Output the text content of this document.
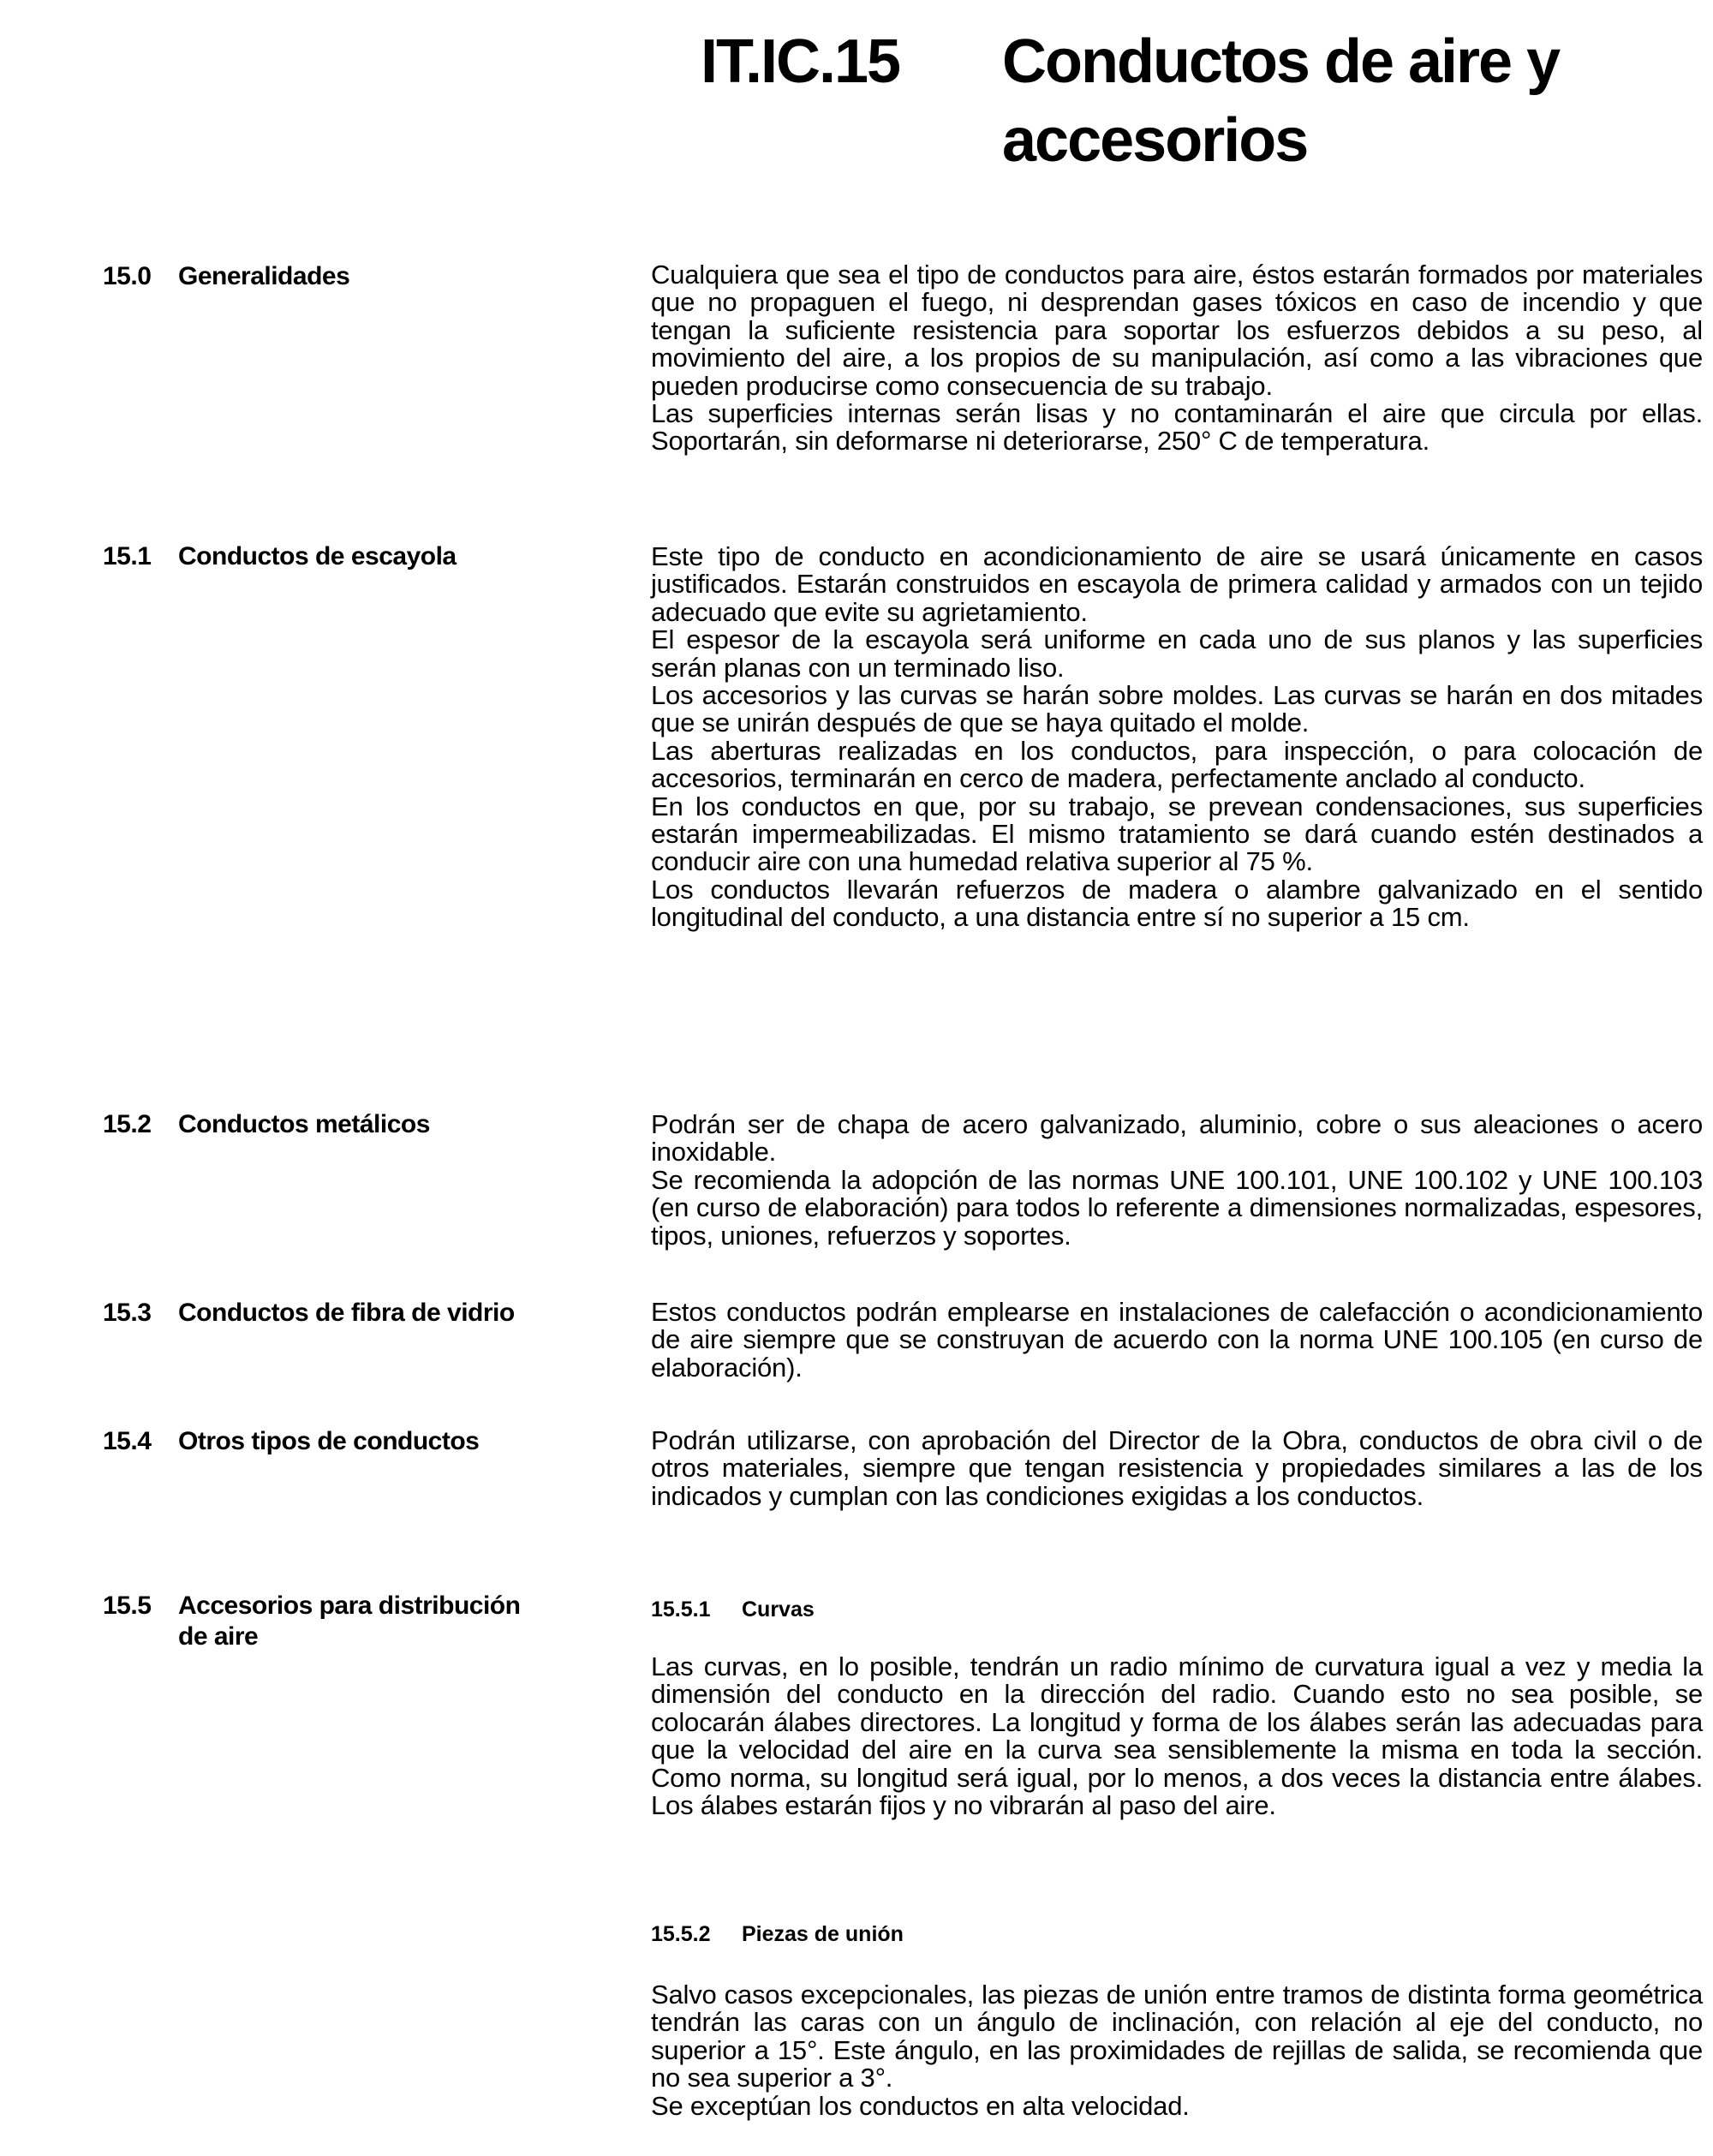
IT.IC.15 Conductos de aire y accesorios
15.0 Generalidades	Cualquiera que sea el tipo de conductos para aire, éstos estarán formados por materiales que no propaguen el fuego, ni desprendan gases tóxicos en caso de incendio y que tengan la suficiente resistencia para soportar los esfuerzos debidos a su peso, al movimiento del aire, a los propios de su manipulación, así como a las vibraciones que pueden producirse como consecuencia de su trabajo.

Las superficies internas serán lisas y no contaminarán el aire que circula por ellas. Soportarán, sin deformarse ni deteriorarse, 250° C de temperatura.

15.1 Conductos de escayola	Este tipo de conducto en acondicionamiento de aire se usará únicamente en casos justificados. Estarán construidos en escayola de primera calidad y armados con un tejido adecuado que evite su agrietamiento.

El espesor de la escayola será uniforme en cada uno de sus planos y las superficies serán planas con un terminado liso.

Los accesorios y las curvas se harán sobre moldes. Las curvas se harán en dos mitades que se unirán después de que se haya quitado el molde.

Las aberturas realizadas en los conductos, para inspección, o para colocación de accesorios, terminarán en cerco de madera, perfectamente anclado al conducto.

En los conductos en que, por su trabajo, se prevean condensaciones, sus superficies estarán impermeabilizadas. El mismo tratamiento se dará cuando estén destinados a conducir aire con una humedad relativa superior al 75 %.

Los conductos llevarán refuerzos de madera o alambre galvanizado en el sentido longitudinal del conducto, a una distancia entre sí no superior a 15 cm.

15.2 Conductos metálicos	Podrán ser de chapa de acero galvanizado, aluminio, cobre o sus aleaciones o acero inoxidable.

Se recomienda la adopción de las normas UNE 100.101, UNE 100.102 y UNE 100.103 (en curso de elaboración) para todos lo referente a dimensiones normalizadas, espesores, tipos, uniones, refuerzos y soportes.

15.3 Conductos de fibra de vidrio	Estos conductos podrán emplearse en instalaciones de calefacción o acondicionamiento de aire siempre que se construyan de acuerdo con la norma UNE 100.105 (en curso de elaboración).

15.4 Otros tipos de conductos	Podrán utilizarse, con aprobación del Director de la Obra, conductos de obra civil o de otros materiales, siempre que tengan resistencia y propiedades similares a las de los indicados y cumplan con las condiciones exigidas a los conductos.

15.5 Accesorios para distribución de aire
15.5.1 Curvas

Las curvas, en lo posible, tendrán un radio mínimo de curvatura igual a vez y media la dimensión del conducto en la dirección del radio. Cuando esto no sea posible, se colocarán álabes directores. La longitud y forma de los álabes serán las adecuadas para que la velocidad del aire en la curva sea sensiblemente la misma en toda la sección. Como norma, su longitud será igual, por lo menos, a dos veces la distancia entre álabes. Los álabes estarán fijos y no vibrarán al paso del aire.

15.5.2 Piezas de unión

Salvo casos excepcionales, las piezas de unión entre tramos de distinta forma geométrica tendrán las caras con un ángulo de inclinación, con relación al eje del conducto, no superior a 15°. Este ángulo, en las proximidades de rejillas de salida, se recomienda que no sea superior a 3°.

Se exceptúan los conductos en alta velocidad.
